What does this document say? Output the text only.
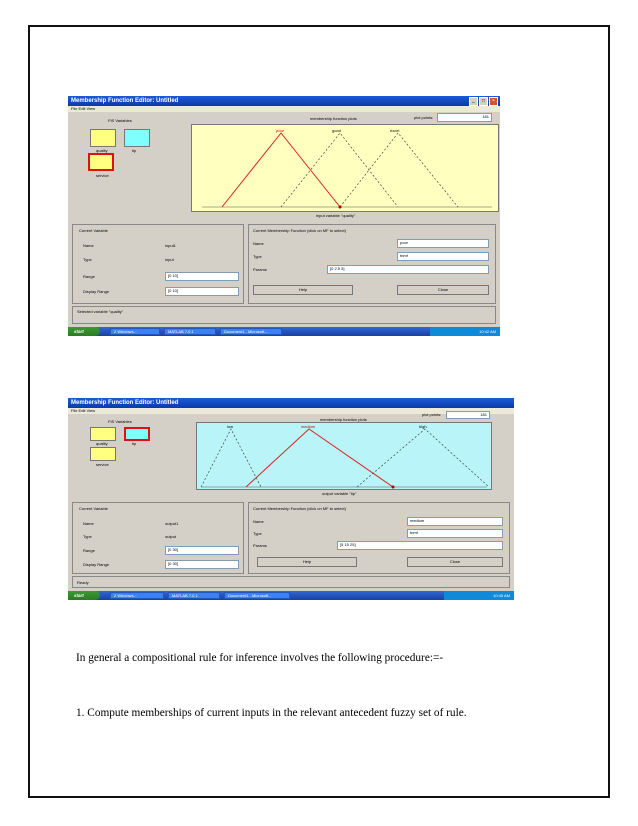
Membership Function Editor: Untitled	_	□	×
File Edit View
FIS Variables
quality	tip
service
membership function plots	plot points:	181
poor	good	excel
input variable "quality"
Current Variable
Name	input1
Type	input
Range	[0 10]
Display Range	[0 10]
Current Membership Function (click on MF to select)
Name	poor
Type	trimf
Params	[0 2.5 5]
Help	Close
Selected variable "quality"
start	2 Windows...	MATLAB 7.0.1	Document1 - Microsoft...	10:42 AM
Membership Function Editor: Untitled
File Edit View
FIS Variables
quality	tip
service
membership function plots
plot points:	181
low	medium	high
output variable "tip"
Current Variable
Name	output1
Type	output
Range	[0 30]
Display Range	[0 30]
Current Membership Function (click on MF to select)
Name	medium
Type	trimf
Params	[5 15 25]
Help	Close
Ready
start	2 Windows...	MATLAB 7.0.1	Document1 - Microsoft...	10:45 AM
In general a compositional rule for inference involves the following procedure:=-
1. Compute memberships of current inputs in the relevant antecedent fuzzy set of rule.
